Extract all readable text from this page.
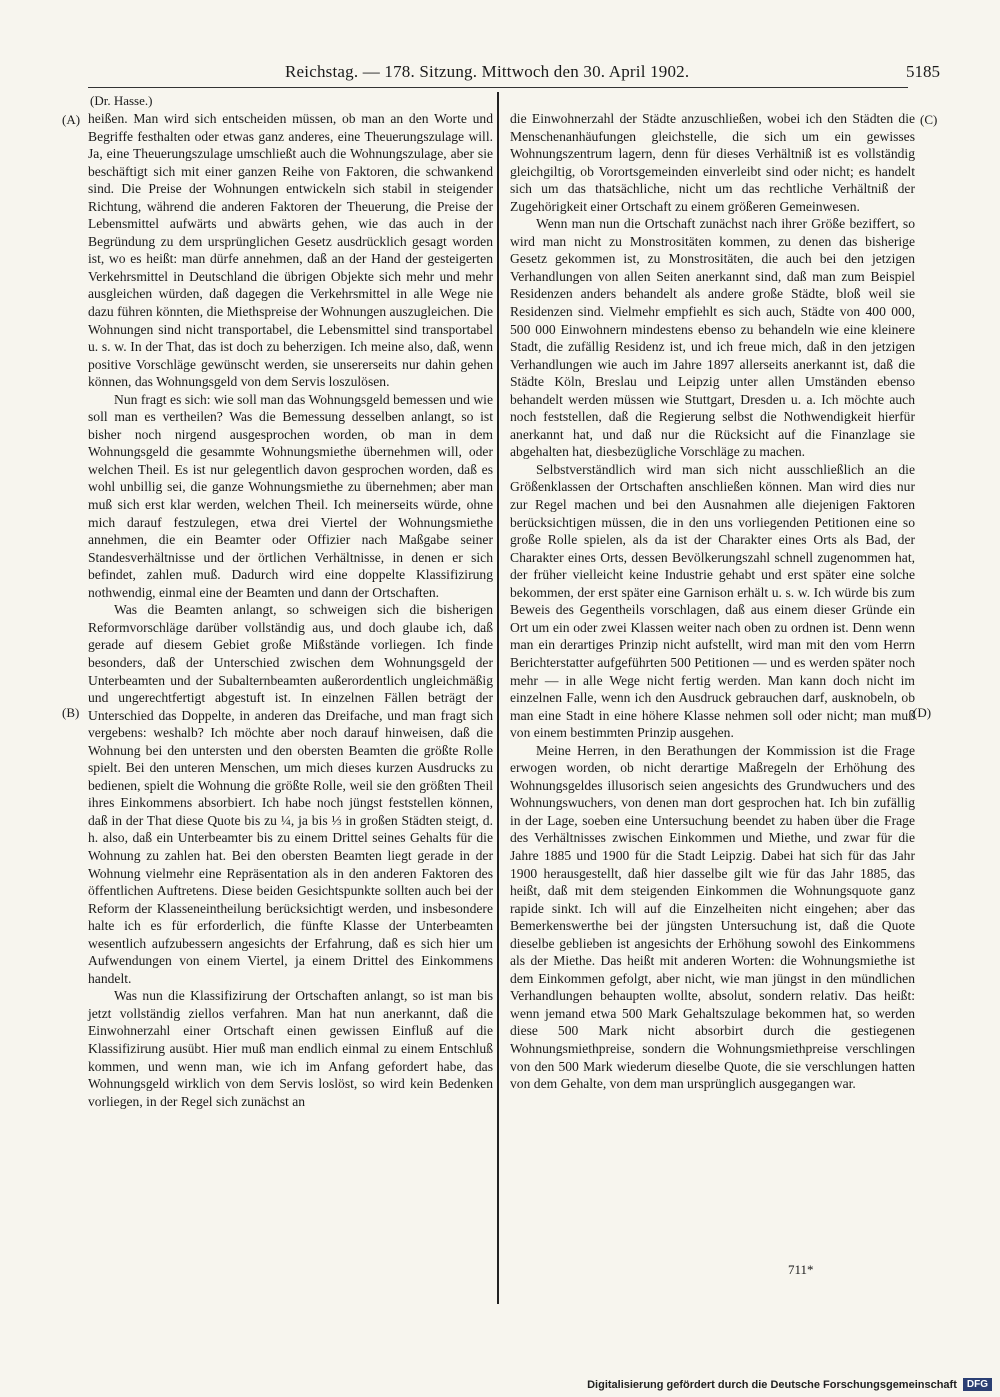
Reichstag. — 178. Sitzung. Mittwoch den 30. April 1902.	5185
(Dr. Hasse.)
(A)
(B)
(C)
(D)

heißen. Man wird sich entscheiden müssen, ob man an den Worte und Begriffe festhalten oder etwas ganz anderes, eine Theuerungszulage will. Ja, eine Theuerungszulage umschließt auch die Wohnungszulage, aber sie beschäftigt sich mit einer ganzen Reihe von Faktoren, die schwankend sind. Die Preise der Wohnungen entwickeln sich stabil in steigender Richtung, während die anderen Faktoren der Theuerung, die Preise der Lebensmittel aufwärts und abwärts gehen, wie das auch in der Begründung zu dem ursprünglichen Gesetz ausdrücklich gesagt worden ist, wo es heißt: man dürfe annehmen, daß an der Hand der gesteigerten Verkehrsmittel in Deutschland die übrigen Objekte sich mehr und mehr ausgleichen würden, daß dagegen die Verkehrsmittel in alle Wege nie dazu führen könnten, die Miethspreise der Wohnungen auszugleichen. Die Wohnungen sind nicht transportabel, die Lebensmittel sind transportabel u. s. w. In der That, das ist doch zu beherzigen. Ich meine also, daß, wenn positive Vorschläge gewünscht werden, sie unsererseits nur dahin gehen können, das Wohnungsgeld von dem Servis loszulösen.

Nun fragt es sich: wie soll man das Wohnungsgeld bemessen und wie soll man es vertheilen? Was die Bemessung desselben anlangt, so ist bisher noch nirgend ausgesprochen worden, ob man in dem Wohnungsgeld die gesammte Wohnungsmiethe übernehmen will, oder welchen Theil. Es ist nur gelegentlich davon gesprochen worden, daß es wohl unbillig sei, die ganze Wohnungsmiethe zu übernehmen; aber man muß sich erst klar werden, welchen Theil. Ich meinerseits würde, ohne mich darauf festzulegen, etwa drei Viertel der Wohnungsmiethe annehmen, die ein Beamter oder Offizier nach Maßgabe seiner Standesverhältnisse und der örtlichen Verhältnisse, in denen er sich befindet, zahlen muß. Dadurch wird eine doppelte Klassifizirung nothwendig, einmal eine der Beamten und dann der Ortschaften.

Was die Beamten anlangt, so schweigen sich die bisherigen Reformvorschläge darüber vollständig aus, und doch glaube ich, daß gerade auf diesem Gebiet große Mißstände vorliegen. Ich finde besonders, daß der Unterschied zwischen dem Wohnungsgeld der Unterbeamten und der Subalternbeamten außerordentlich ungleichmäßig und ungerechtfertigt abgestuft ist. In einzelnen Fällen beträgt der Unterschied das Doppelte, in anderen das Dreifache, und man fragt sich vergebens: weshalb? Ich möchte aber noch darauf hinweisen, daß die Wohnung bei den untersten und den obersten Beamten die größte Rolle spielt. Bei den unteren Menschen, um mich dieses kurzen Ausdrucks zu bedienen, spielt die Wohnung die größte Rolle, weil sie den größten Theil ihres Einkommens absorbiert. Ich habe noch jüngst feststellen können, daß in der That diese Quote bis zu ¼, ja bis ⅓ in großen Städten steigt, d. h. also, daß ein Unterbeamter bis zu einem Drittel seines Gehalts für die Wohnung zu zahlen hat. Bei den obersten Beamten liegt gerade in der Wohnung vielmehr eine Repräsentation als in den anderen Faktoren des öffentlichen Auftretens. Diese beiden Gesichtspunkte sollten auch bei der Reform der Klasseneintheilung berücksichtigt werden, und insbesondere halte ich es für erforderlich, die fünfte Klasse der Unterbeamten wesentlich aufzubessern angesichts der Erfahrung, daß es sich hier um Aufwendungen von einem Viertel, ja einem Drittel des Einkommens handelt.

Was nun die Klassifizirung der Ortschaften anlangt, so ist man bis jetzt vollständig ziellos verfahren. Man hat nun anerkannt, daß die Einwohnerzahl einer Ortschaft einen gewissen Einfluß auf die Klassifizirung ausübt. Hier muß man endlich einmal zu einem Entschluß kommen, und wenn man, wie ich im Anfang gefordert habe, das Wohnungsgeld wirklich von dem Servis loslöst, so wird kein Bedenken vorliegen, in der Regel sich zunächst an

die Einwohnerzahl der Städte anzuschließen, wobei ich den Städten die Menschenanhäufungen gleichstelle, die sich um ein gewisses Wohnungszentrum lagern, denn für dieses Verhältniß ist es vollständig gleichgiltig, ob Vorortsgemeinden einverleibt sind oder nicht; es handelt sich um das thatsächliche, nicht um das rechtliche Verhältniß der Zugehörigkeit einer Ortschaft zu einem größeren Gemeinwesen.

Wenn man nun die Ortschaft zunächst nach ihrer Größe beziffert, so wird man nicht zu Monstrositäten kommen, zu denen das bisherige Gesetz gekommen ist, zu Monstrositäten, die auch bei den jetzigen Verhandlungen von allen Seiten anerkannt sind, daß man zum Beispiel Residenzen anders behandelt als andere große Städte, bloß weil sie Residenzen sind. Vielmehr empfiehlt es sich auch, Städte von 400 000, 500 000 Einwohnern mindestens ebenso zu behandeln wie eine kleinere Stadt, die zufällig Residenz ist, und ich freue mich, daß in den jetzigen Verhandlungen wie auch im Jahre 1897 allerseits anerkannt ist, daß die Städte Köln, Breslau und Leipzig unter allen Umständen ebenso behandelt werden müssen wie Stuttgart, Dresden u. a. Ich möchte auch noch feststellen, daß die Regierung selbst die Nothwendigkeit hierfür anerkannt hat, und daß nur die Rücksicht auf die Finanzlage sie abgehalten hat, diesbezügliche Vorschläge zu machen.

Selbstverständlich wird man sich nicht ausschließlich an die Größenklassen der Ortschaften anschließen können. Man wird dies nur zur Regel machen und bei den Ausnahmen alle diejenigen Faktoren berücksichtigen müssen, die in den uns vorliegenden Petitionen eine so große Rolle spielen, als da ist der Charakter eines Orts als Bad, der Charakter eines Orts, dessen Bevölkerungszahl schnell zugenommen hat, der früher vielleicht keine Industrie gehabt und erst später eine solche bekommen, der erst später eine Garnison erhält u. s. w. Ich würde bis zum Beweis des Gegentheils vorschlagen, daß aus einem dieser Gründe ein Ort um ein oder zwei Klassen weiter nach oben zu ordnen ist. Denn wenn man ein derartiges Prinzip nicht aufstellt, wird man mit den vom Herrn Berichterstatter aufgeführten 500 Petitionen — und es werden später noch mehr — in alle Wege nicht fertig werden. Man kann doch nicht im einzelnen Falle, wenn ich den Ausdruck gebrauchen darf, ausknobeln, ob man eine Stadt in eine höhere Klasse nehmen soll oder nicht; man muß von einem bestimmten Prinzip ausgehen.

Meine Herren, in den Berathungen der Kommission ist die Frage erwogen worden, ob nicht derartige Maßregeln der Erhöhung des Wohnungsgeldes illusorisch seien angesichts des Grundwuchers und des Wohnungswuchers, von denen man dort gesprochen hat. Ich bin zufällig in der Lage, soeben eine Untersuchung beendet zu haben über die Frage des Verhältnisses zwischen Einkommen und Miethe, und zwar für die Jahre 1885 und 1900 für die Stadt Leipzig. Dabei hat sich für das Jahr 1900 herausgestellt, daß hier dasselbe gilt wie für das Jahr 1885, das heißt, daß mit dem steigenden Einkommen die Wohnungsquote ganz rapide sinkt. Ich will auf die Einzelheiten nicht eingehen; aber das Bemerkenswerthe bei der jüngsten Untersuchung ist, daß die Quote dieselbe geblieben ist angesichts der Erhöhung sowohl des Einkommens als der Miethe. Das heißt mit anderen Worten: die Wohnungsmiethe ist dem Einkommen gefolgt, aber nicht, wie man jüngst in den mündlichen Verhandlungen behaupten wollte, absolut, sondern relativ. Das heißt: wenn jemand etwa 500 Mark Gehaltszulage bekommen hat, so werden diese 500 Mark nicht absorbirt durch die gestiegenen Wohnungsmiethpreise, sondern die Wohnungsmiethpreise verschlingen von den 500 Mark wiederum dieselbe Quote, die sie verschlungen hatten von dem Gehalte, von dem man ursprünglich ausgegangen war.

711*
Digitalisierung gefördert durch die Deutsche Forschungsgemeinschaft	DFG
